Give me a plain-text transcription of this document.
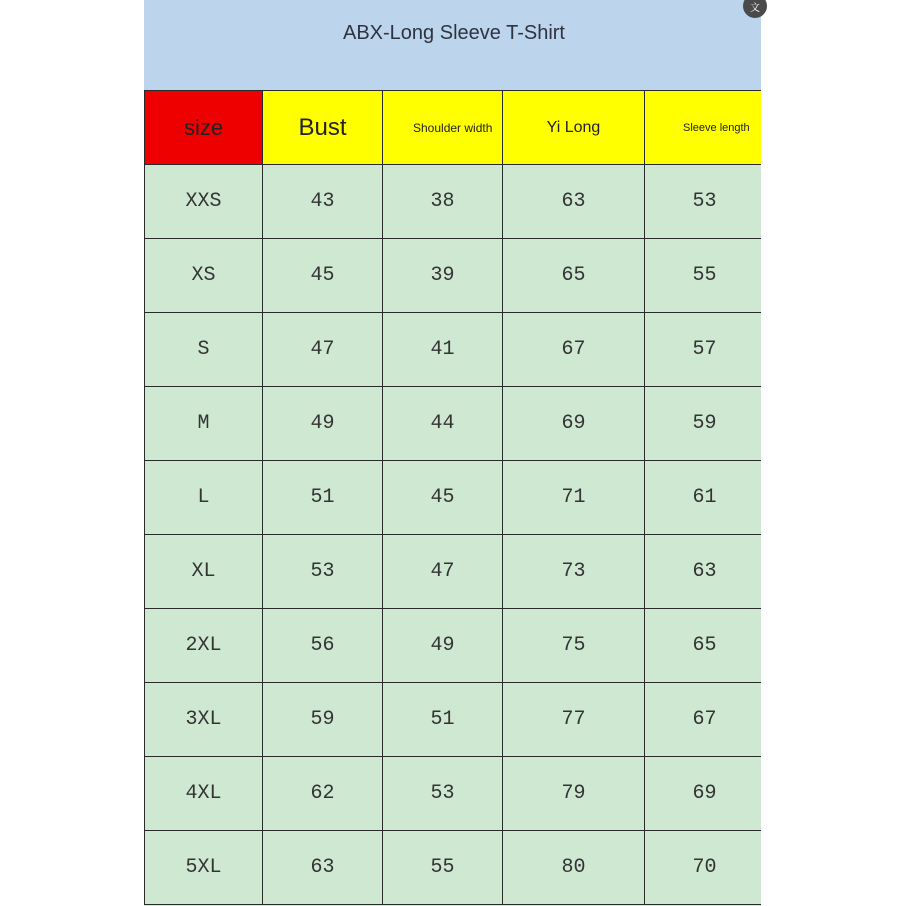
ABX-Long Sleeve T-Shirt
size	Bust	Shoulder width	Yi Long	Sleeve length
XXS	43	38	63	53
XS	45	39	65	55
S	47	41	67	57
M	49	44	69	59
L	51	45	71	61
XL	53	47	73	63
2XL	56	49	75	65
3XL	59	51	77	67
4XL	62	53	79	69
5XL	63	55	80	70
文
